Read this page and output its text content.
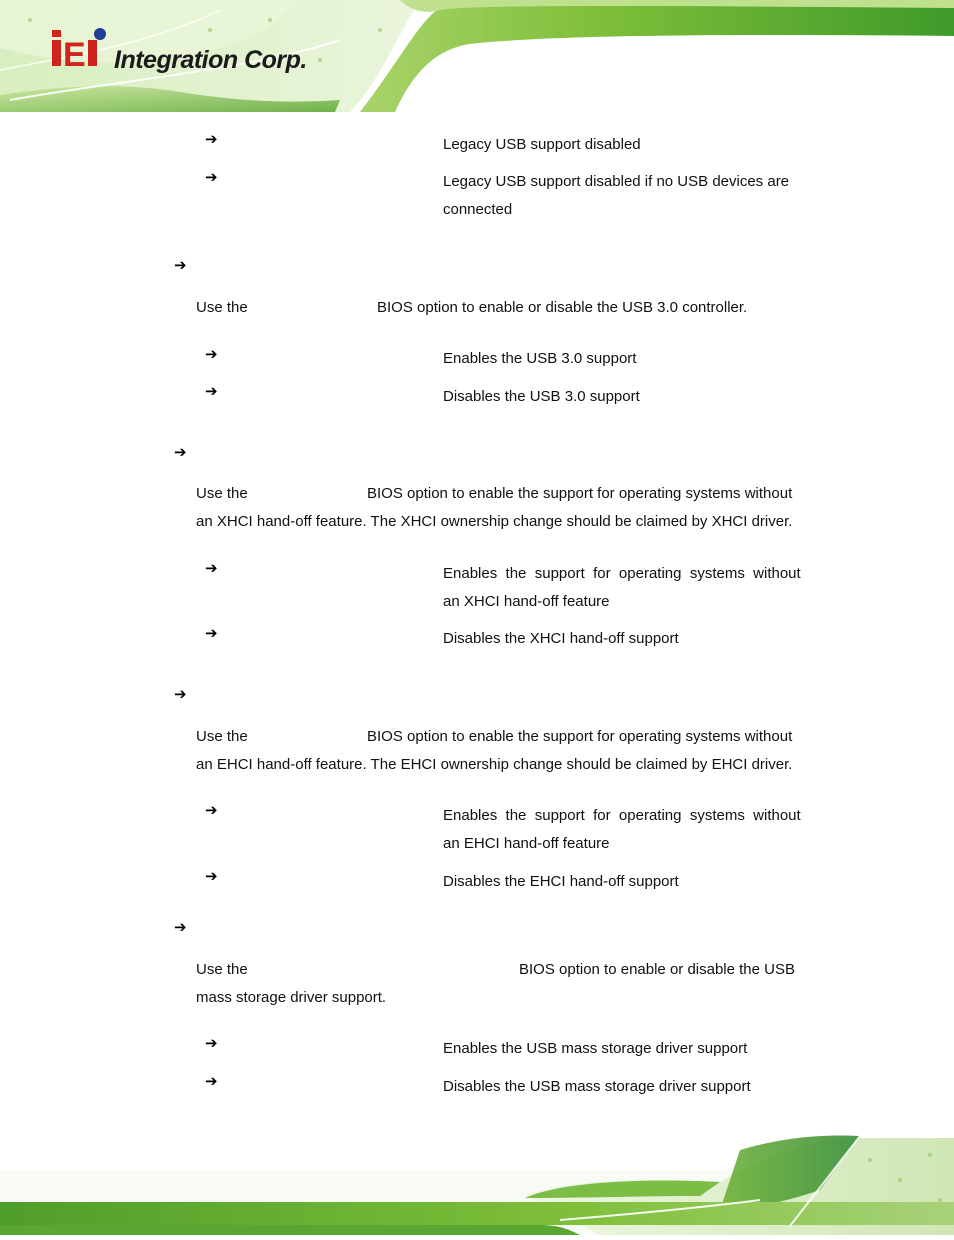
E Integration Corp.
➔	Legacy USB support disabled
➔	Legacy USB support disabled if no USB devices are
connected
➔
Use the	BIOS option to enable or disable the USB 3.0 controller.
➔	Enables the USB 3.0 support
➔	Disables the USB 3.0 support
➔
Use the	BIOS option to enable the support for operating systems without
an XHCI hand-off feature. The XHCI ownership change should be claimed by XHCI driver.
➔	Enables  the  support  for  operating  systems  without
an XHCI hand-off feature
➔	Disables the XHCI hand-off support
➔
Use the	BIOS option to enable the support for operating systems without
an EHCI hand-off feature. The EHCI ownership change should be claimed by EHCI driver.
➔	Enables  the  support  for  operating  systems  without
an EHCI hand-off feature
➔	Disables the EHCI hand-off support
➔
Use the	BIOS option to enable or disable the USB
mass storage driver support.
➔	Enables the USB mass storage driver support
➔	Disables the USB mass storage driver support
